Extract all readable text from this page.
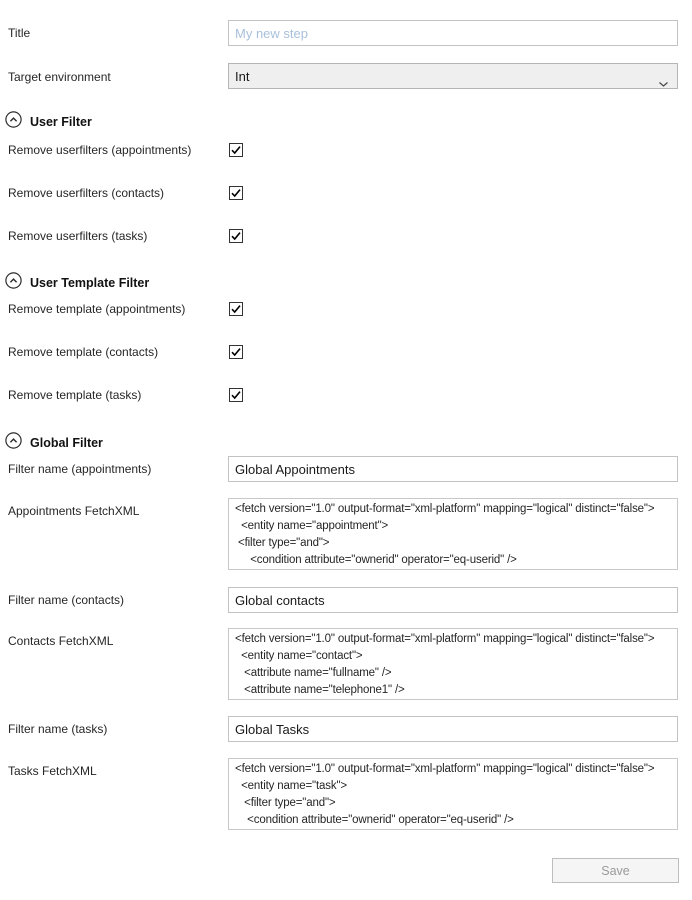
Title
My new step
Target environment	Int
User Filter
Remove userfilters (appointments)
Remove userfilters (contacts)
Remove userfilters (tasks)
User Template Filter
Remove template (appointments)
Remove template (contacts)
Remove template (tasks)
Global Filter
Filter name (appointments)
Global Appointments
Appointments FetchXML
<fetch version="1.0" output-format="xml-platform" mapping="logical" distinct="false"> <entity name="appointment"> <filter type="and"> <condition attribute="ownerid" operator="eq-userid" />
Filter name (contacts)
Global contacts
Contacts FetchXML
<fetch version="1.0" output-format="xml-platform" mapping="logical" distinct="false"> <entity name="contact"> <attribute name="fullname" /> <attribute name="telephone1" />
Filter name (tasks)
Global Tasks
Tasks FetchXML
<fetch version="1.0" output-format="xml-platform" mapping="logical" distinct="false"> <entity name="task"> <filter type="and"> <condition attribute="ownerid" operator="eq-userid" />
Save
